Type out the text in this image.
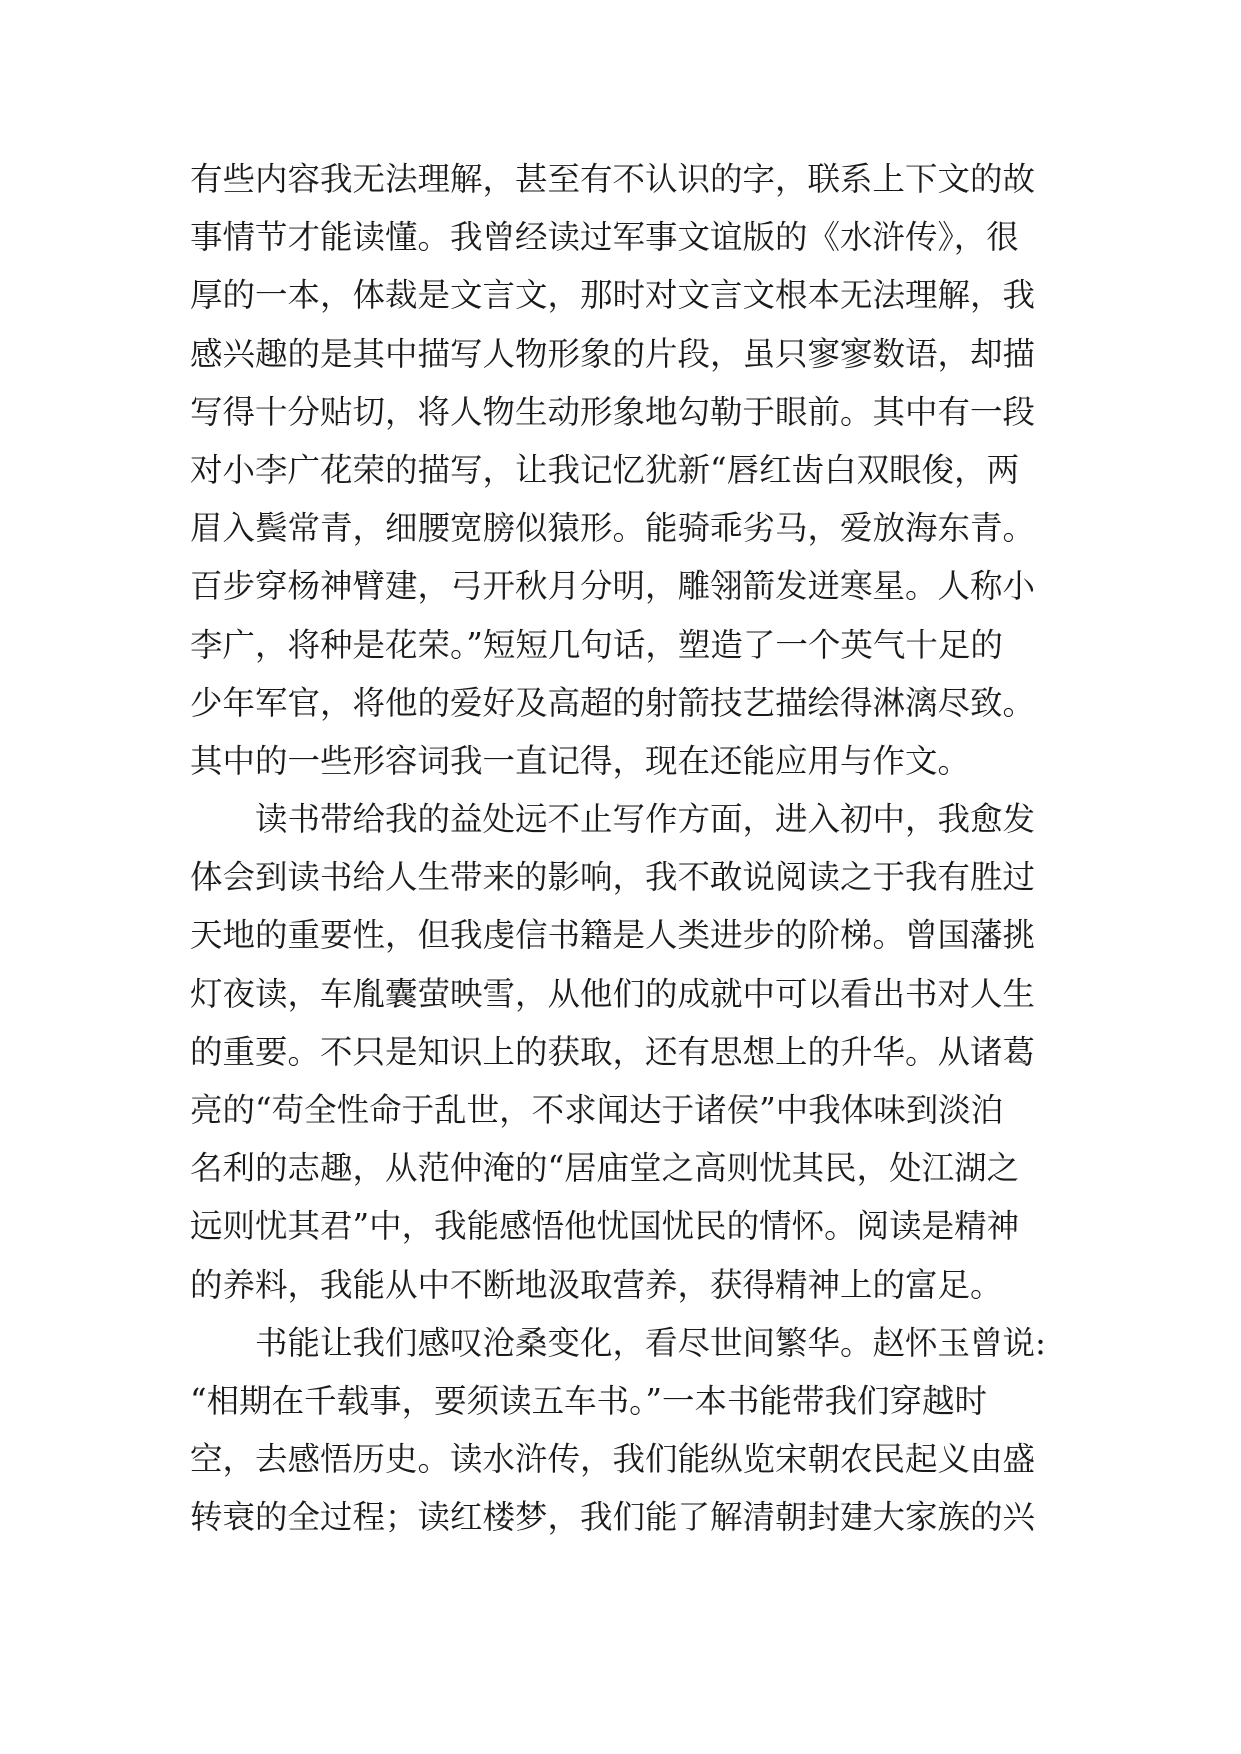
有些内容我无法理解，甚至有不认识的字，联系上下文的故
事情节才能读懂。我曾经读过军事文谊版的《水浒传》，很
厚的一本，体裁是文言文，那时对文言文根本无法理解，我
感兴趣的是其中描写人物形象的片段，虽只寥寥数语，却描
写得十分贴切，将人物生动形象地勾勒于眼前。其中有一段
对小李广花荣的描写，让我记忆犹新“唇红齿白双眼俊，两
眉入鬓常青，细腰宽膀似猿形。能骑乖劣马，爱放海东青。
百步穿杨神臂建，弓开秋月分明，雕翎箭发迸寒星。人称小
李广，将种是花荣。”短短几句话，塑造了一个英气十足的
少年军官，将他的爱好及高超的射箭技艺描绘得淋漓尽致。
其中的一些形容词我一直记得，现在还能应用与作文。
读书带给我的益处远不止写作方面，进入初中，我愈发
体会到读书给人生带来的影响，我不敢说阅读之于我有胜过
天地的重要性，但我虔信书籍是人类进步的阶梯。曾国藩挑
灯夜读，车胤囊萤映雪，从他们的成就中可以看出书对人生
的重要。不只是知识上的获取，还有思想上的升华。从诸葛
亮的“苟全性命于乱世，不求闻达于诸侯”中我体味到淡泊
名利的志趣，从范仲淹的“居庙堂之高则忧其民，处江湖之
远则忧其君”中，我能感悟他忧国忧民的情怀。阅读是精神
的养料，我能从中不断地汲取营养，获得精神上的富足。
书能让我们感叹沧桑变化，看尽世间繁华。赵怀玉曾说:
“相期在千载事，要须读五车书。”一本书能带我们穿越时
空，去感悟历史。读水浒传，我们能纵览宋朝农民起义由盛
转衰的全过程；读红楼梦，我们能了解清朝封建大家族的兴
